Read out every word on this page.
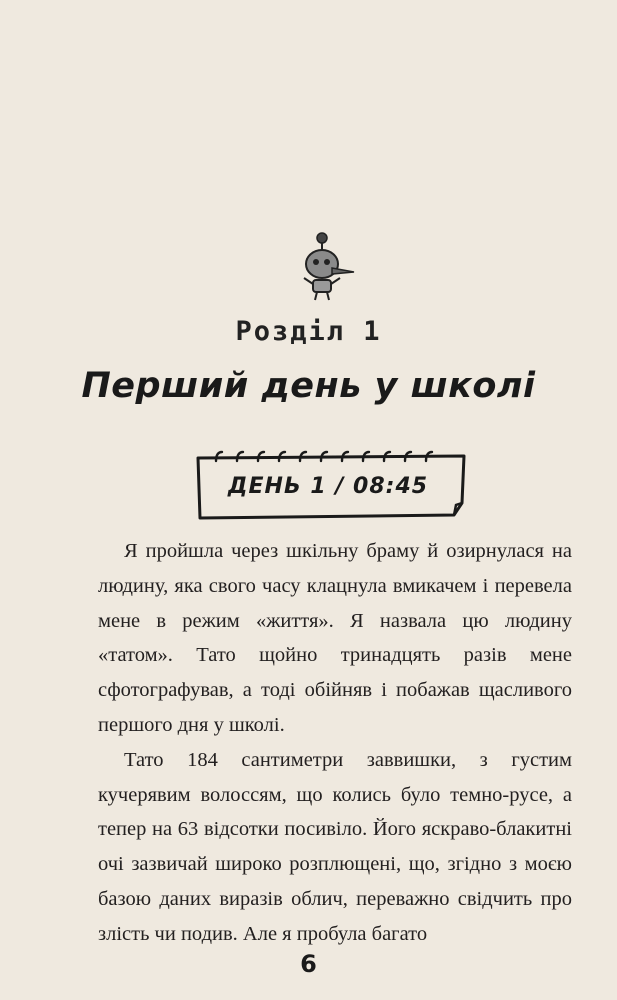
Розділ 1
Перший день у школі
ДЕНЬ 1 / 08:45

Я пройшла через шкільну браму й озирнулася на людину, яка свого часу клацнула вмикачем і перевела мене в режим «життя». Я назвала цю людину «татом». Тато щойно тринадцять разів мене сфотографував, а тоді обійняв і побажав щасливого першого дня у школі.

Тато 184 сантиметри заввишки, з густим кучерявим волоссям, що колись було темно-русе, а тепер на 63 відсотки посивіло. Його яскраво-блакитні очі зазвичай широко розплющені, що, згідно з моєю базою даних виразів облич, переважно свідчить про злість чи подив. Але я пробула багато

6
